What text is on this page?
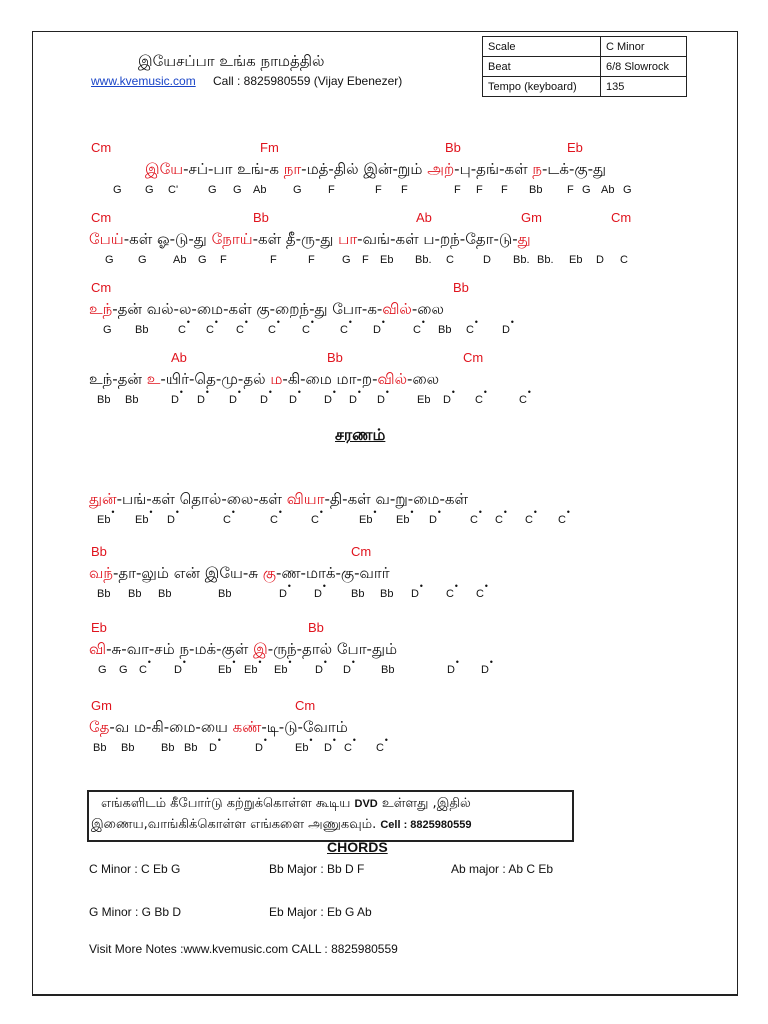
இயேசப்பா உங்க நாமத்தில்
www.kvemusic.com Call : 8825980559 (Vijay Ebenezer)
Scale	C Minor
Beat	6/8 Slowrock
Tempo (keyboard)	135
Cm	Fm	Bb	Eb
இயே-சப்-பா உங்-க நா-மத்-தில் இன்-றும் அற்-பு-தங்-கள் ந-டக்-கு-து
G G C'	G G Ab G F	F F	F F F Bb F G Ab G
Cm	Bb	Ab	Gm	Cm
பேய்-கள் ஓ-டு-து நோய்-கள் தீ-ரு-து பா-வங்-கள் ப-றந்-தோ-டு-து
G G Ab G F	F	F G F Eb Bb. C	D Bb. Bb. Eb D C
Cm	Bb
உந்-தன் வல்-ல-மை-கள் கு-றைந்-து போ-க-வில்-லை
G Bb	• C • C • C • C • C	• C • D	• C Bb • C	• D
Ab	Bb	Cm
உந்-தன் உ-யிர்-தெ-மு-தல் ம-கி-மை மா-ற-வில்-லை
Bb Bb	• D • D • D • D • D • D • D • D	Eb • D • C	• C
சரணம்
துன்-பங்-கள் தொல்-லை-கள் வியா-தி-கள் வ-று-மை-கள்
• Eb • Eb • D	• C	• C	• C	• Eb • Eb • D	• C • C • C • C
Bb	Cm
வந்-தா-லும் என் இயே-சு கு-ண-மாக்-கு-வார்
Bb Bb Bb	Bb	• D • D	Bb Bb • D • C • C
Eb	Bb
வி-சு-வா-சம் ந-மக்-குள் இ-ருந்-தால் போ-தும்
G G • C • D	• Eb • Eb • Eb	• D • D	Bb	• D • D
Gm	Cm
தே-வ ம-கி-மை-யை கண்-டி-டு-வோம்
Bb Bb Bb Bb • D	• D	• Eb • D • C • C
எங்களிடம் கீபோர்டு கற்றுக்கொள்ள கூடிய DVD உள்ளது ,இதில்
இணைய,வாங்கிக்கொள்ள எங்களை அணுகவும். Cell : 8825980559
CHORDS
C Minor : C Eb G	Bb Major : Bb D F	Ab major : Ab C Eb
G Minor : G Bb D	Eb Major : Eb G Ab
Visit More Notes :www.kvemusic.com CALL : 8825980559
